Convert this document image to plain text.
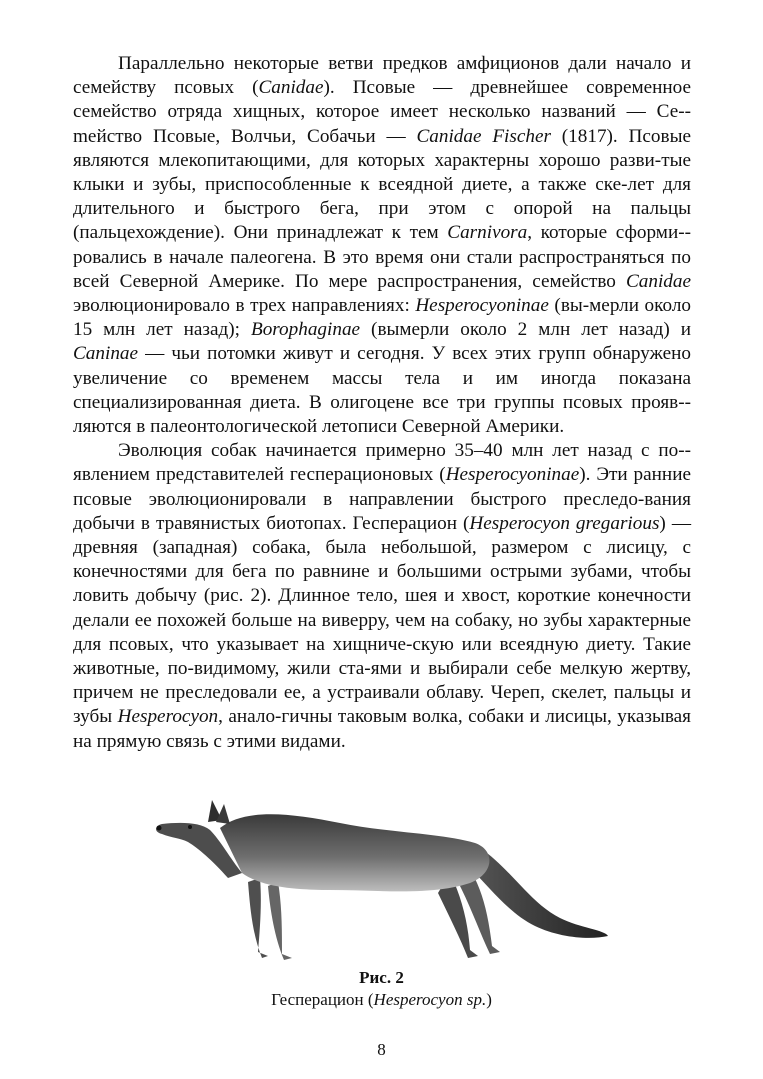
Параллельно некоторые ветви предков амфиционов дали начало и семейству псовых (Canidae). Псовые — древнейшее современное семейство отряда хищных, которое имеет несколько названий — Се-mейство Псовые, Волчьи, Собачьи — Canidae Fischer (1817). Псовые являются млекопитающими, для которых характерны хорошо разви-тые клыки и зубы, приспособленные к всеядной диете, а также ске-лет для длительного и быстрого бега, при этом с опорой на пальцы (пальцехождение). Они принадлежат к тем Carnivora, которые сформи-ровались в начале палеогена. В это время они стали распространяться по всей Северной Америке. По мере распространения, семейство Canidae эволюционировало в трех направлениях: Hesperocyoninae (вы-мерли около 15 млн лет назад); Borophaginae (вымерли около 2 млн лет назад) и Caninae — чьи потомки живут и сегодня. У всех этих групп обнаружено увеличение со временем массы тела и им иногда показана специализированная диета. В олигоцене все три группы псовых прояв-ляются в палеонтологической летописи Северной Америки.

Эволюция собак начинается примерно 35–40 млн лет назад с по-явлением представителей гесперационовых (Hesperocyoninae). Эти ранние псовые эволюционировали в направлении быстрого преследо-вания добычи в травянистых биотопах. Гесперацион (Hesperocyon gregarious) — древняя (западная) собака, была небольшой, размером с лисицу, с конечностями для бега по равнине и большими острыми зубами, чтобы ловить добычу (рис. 2). Длинное тело, шея и хвост, короткие конечности делали ее похожей больше на виверру, чем на собаку, но зубы характерные для псовых, что указывает на хищниче-скую или всеядную диету. Такие животные, по-видимому, жили ста-ями и выбирали себе мелкую жертву, причем не преследовали ее, а устраивали облаву. Череп, скелет, пальцы и зубы Hesperocyon, анало-гичны таковым волка, собаки и лисицы, указывая на прямую связь с этими видами.

Рис. 2
Гесперацион (Hesperocyon sp.)
8
